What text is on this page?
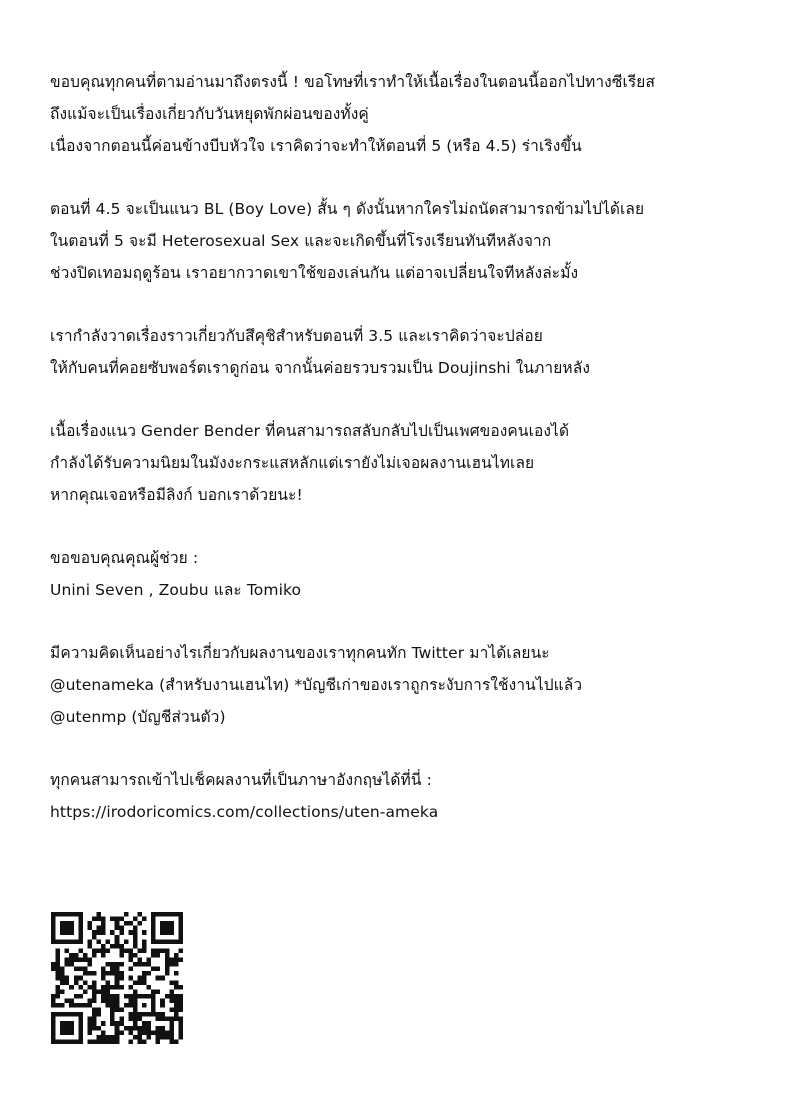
ขอบคุณทุกคนที่ตามอ่านมาถึงตรงนี้ ! ขอโทษที่เราทำให้เนื้อเรื่องในตอนนี้ออกไปทางซีเรียส
ถึงแม้จะเป็นเรื่องเกี่ยวกับวันหยุดพักผ่อนของทั้งคู่
เนื่องจากตอนนี้ค่อนข้างบีบหัวใจ เราคิดว่าจะทำให้ตอนที่ 5 (หรือ 4.5) ร่าเริงขึ้น
ตอนที่ 4.5 จะเป็นแนว BL (Boy Love) สั้น ๆ ดังนั้นหากใครไม่ถนัดสามารถข้ามไปได้เลย
ในตอนที่ 5 จะมี Heterosexual Sex และจะเกิดขึ้นที่โรงเรียนทันทีหลังจาก
ช่วงปิดเทอมฤดูร้อน เราอยากวาดเขาใช้ของเล่นกัน แต่อาจเปลี่ยนใจทีหลังล่ะมั้ง
เรากำลังวาดเรื่องราวเกี่ยวกับสึคุชิสำหรับตอนที่ 3.5 และเราคิดว่าจะปล่อย
ให้กับคนที่คอยซับพอร์ตเราดูก่อน จากนั้นค่อยรวบรวมเป็น Doujinshi ในภายหลัง
เนื้อเรื่องแนว Gender Bender ที่คนสามารถสลับกลับไปเป็นเพศของคนเองได้
กำลังได้รับความนิยมในมังงะกระแสหลักแต่เรายังไม่เจอผลงานเฮนไทเลย
หากคุณเจอหรือมีลิงก์ บอกเราด้วยนะ!
ขอขอบคุณคุณผู้ช่วย :
Unini Seven , Zoubu และ Tomiko
มีความคิดเห็นอย่างไรเกี่ยวกับผลงานของเราทุกคนทัก Twitter มาได้เลยนะ
@utenameka (สำหรับงานเฮนไท) *บัญชีเก่าของเราถูกระงับการใช้งานไปแล้ว
@utenmp (บัญชีส่วนตัว)
ทุกคนสามารถเข้าไปเช็คผลงานที่เป็นภาษาอังกฤษได้ที่นี่ :
https://irodoricomics.com/collections/uten-ameka
